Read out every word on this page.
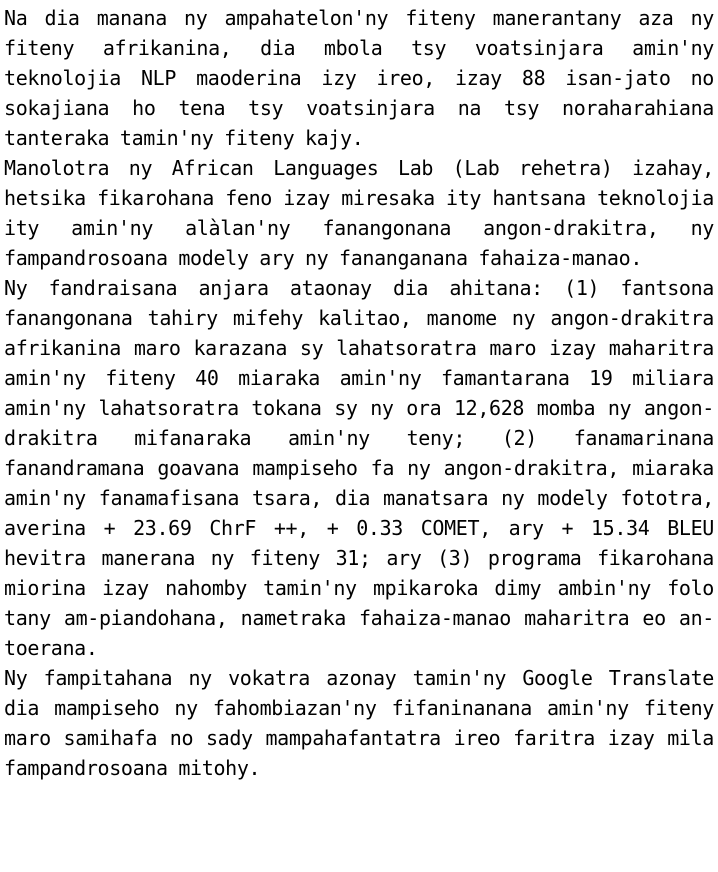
Na dia manana ny ampahatelon'ny fiteny manerantany aza ny fiteny afrikanina, dia mbola tsy voatsinjara amin'ny teknolojia NLP maoderina izy ireo, izay 88 isan-jato no sokajiana ho tena tsy voatsinjara na tsy noraharahiana tanteraka tamin'ny fiteny kajy.

Manolotra ny African Languages Lab (Lab rehetra) izahay, hetsika fikarohana feno izay miresaka ity hantsana teknolojia ity amin'ny alàlan'ny fanangonana angon-drakitra, ny fampandrosoana modely ary ny fananganana fahaiza-manao.

Ny fandraisana anjara ataonay dia ahitana: (1) fantsona fanangonana tahiry mifehy kalitao, manome ny angon-drakitra afrikanina maro karazana sy lahatsoratra maro izay maharitra amin'ny fiteny 40 miaraka amin'ny famantarana 19 miliara amin'ny lahatsoratra tokana sy ny ora 12,628 momba ny angon-drakitra mifanaraka amin'ny teny; (2) fanamarinana fanandramana goavana mampiseho fa ny angon-drakitra, miaraka amin'ny fanamafisana tsara, dia manatsara ny modely fototra, averina + 23.69 ChrF ++, + 0.33 COMET, ary + 15.34 BLEU hevitra manerana ny fiteny 31; ary (3) programa fikarohana miorina izay nahomby tamin'ny mpikaroka dimy ambin'ny folo tany am-piandohana, nametraka fahaiza-manao maharitra eo an-toerana.

Ny fampitahana ny vokatra azonay tamin'ny Google Translate dia mampiseho ny fahombiazan'ny fifaninanana amin'ny fiteny maro samihafa no sady mampahafantatra ireo faritra izay mila fampandrosoana mitohy.
